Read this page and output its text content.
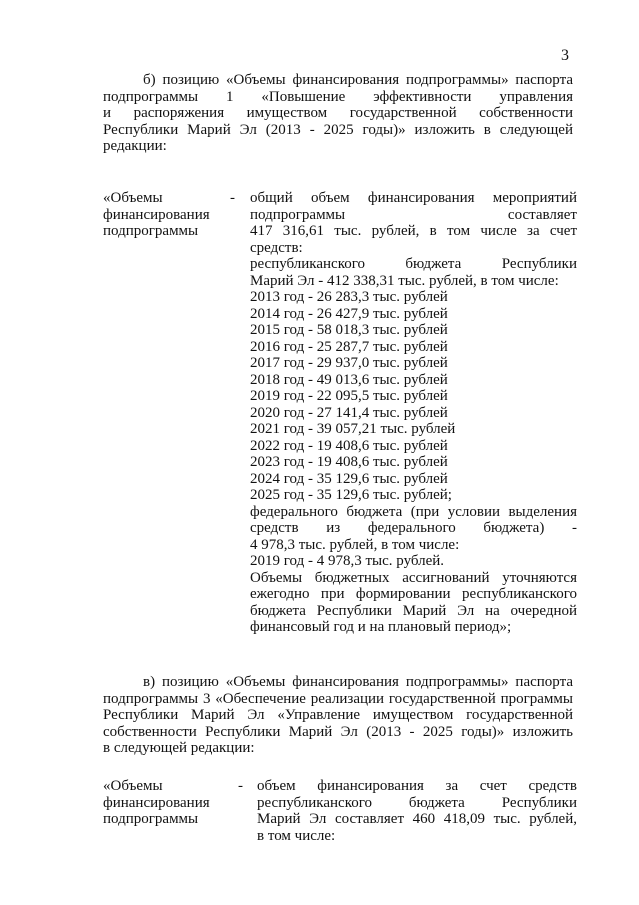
3
б) позицию «Объемы финансирования подпрограммы» паспорта
подпрограммы 1 «Повышение эффективности управления
и распоряжения имуществом государственной собственности
Республики Марий Эл (2013 - 2025 годы)» изложить в следующей
редакции:
«Объемы
финансирования
подпрограммы
- общий объем финансирования мероприятий
подпрограммы составляет
417 316,61 тыс. рублей, в том числе за счет
средств:
республиканского бюджета Республики
Марий Эл - 412 338,31 тыс. рублей, в том числе:
2013 год - 26 283,3 тыс. рублей
2014 год - 26 427,9 тыс. рублей
2015 год - 58 018,3 тыс. рублей
2016 год - 25 287,7 тыс. рублей
2017 год - 29 937,0 тыс. рублей
2018 год - 49 013,6 тыс. рублей
2019 год - 22 095,5 тыс. рублей
2020 год - 27 141,4 тыс. рублей
2021 год - 39 057,21 тыс. рублей
2022 год - 19 408,6 тыс. рублей
2023 год - 19 408,6 тыс. рублей
2024 год - 35 129,6 тыс. рублей
2025 год - 35 129,6 тыс. рублей;
федерального бюджета (при условии выделения
средств из федерального бюджета) -
4 978,3 тыс. рублей, в том числе:
2019 год - 4 978,3 тыс. рублей.
Объемы бюджетных ассигнований уточняются
ежегодно при формировании республиканского
бюджета Республики Марий Эл на очередной
финансовый год и на плановый период»;
в) позицию «Объемы финансирования подпрограммы» паспорта
подпрограммы 3 «Обеспечение реализации государственной программы
Республики Марий Эл «Управление имуществом государственной
собственности Республики Марий Эл (2013 - 2025 годы)» изложить
в следующей редакции:
«Объемы
финансирования
подпрограммы
- объем финансирования за счет средств
республиканского бюджета Республики
Марий Эл составляет 460 418,09 тыс. рублей,
в том числе:
